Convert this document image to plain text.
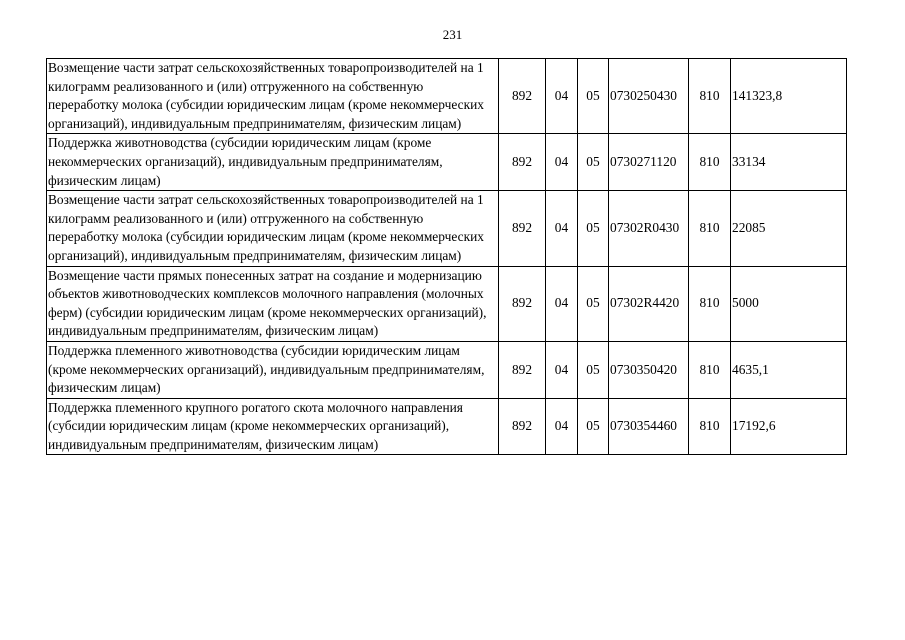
231
Возмещение части затрат сельскохозяйственных товаропроизводителей на 1 килограмм реализованного и (или) отгруженного на собственную переработку молока (субсидии юридическим лицам (кроме некоммерческих организаций), индивидуальным предпринимателям, физическим лицам)	892	04	05	0730250430	810	141323,8
Поддержка животноводства (субсидии юридическим лицам (кроме некоммерческих организаций), индивидуальным предпринимателям, физическим лицам)	892	04	05	0730271120	810	33134
Возмещение части затрат сельскохозяйственных товаропроизводителей на 1 килограмм реализованного и (или) отгруженного на собственную переработку молока (субсидии юридическим лицам (кроме некоммерческих организаций), индивидуальным предпринимателям, физическим лицам)	892	04	05	07302R0430	810	22085
Возмещение части прямых понесенных затрат на создание и модернизацию объектов животноводческих комплексов молочного направления (молочных ферм) (субсидии юридическим лицам (кроме некоммерческих организаций), индивидуальным предпринимателям, физическим лицам)	892	04	05	07302R4420	810	5000
Поддержка племенного животноводства (субсидии юридическим лицам (кроме некоммерческих организаций), индивидуальным предпринимателям, физическим лицам)	892	04	05	0730350420	810	4635,1
Поддержка племенного крупного рогатого скота молочного направления (субсидии юридическим лицам (кроме некоммерческих организаций), индивидуальным предпринимателям, физическим лицам)	892	04	05	0730354460	810	17192,6
